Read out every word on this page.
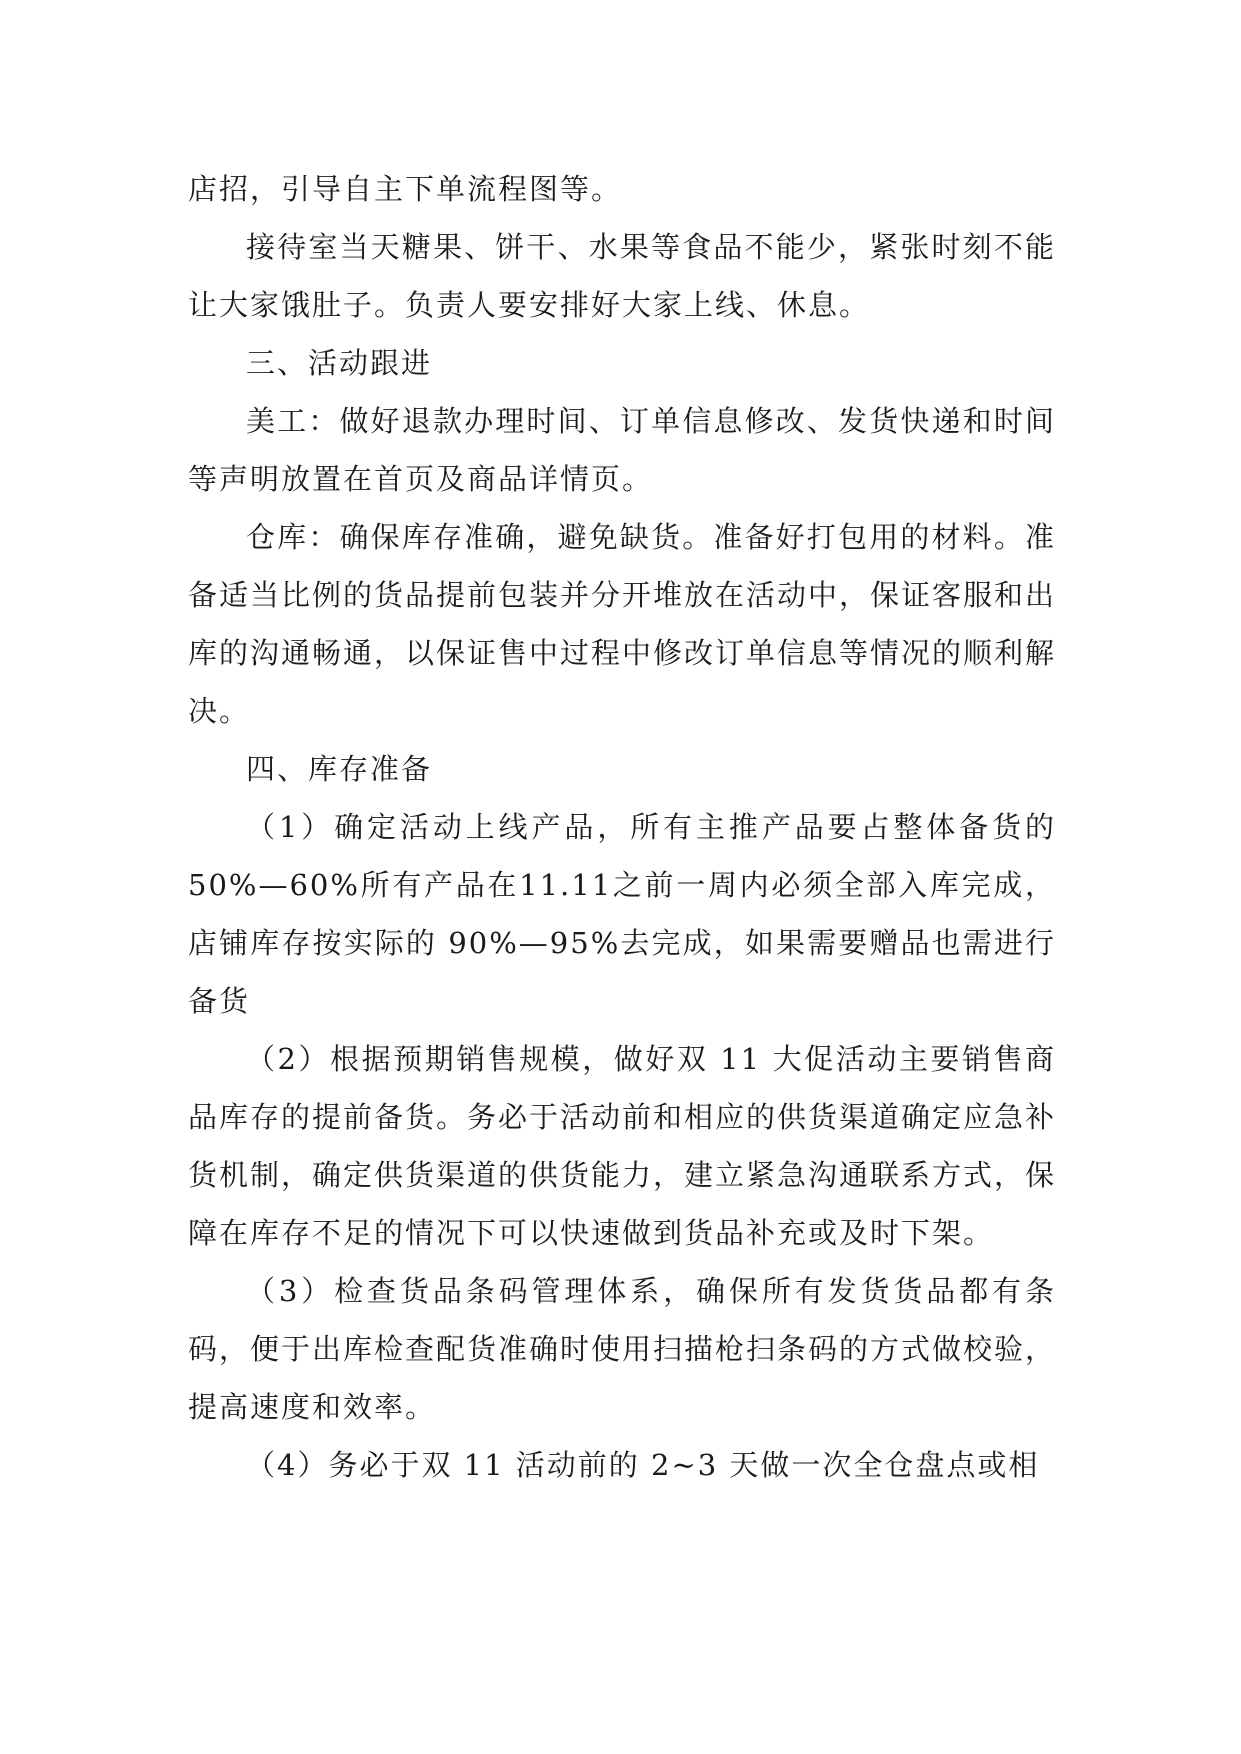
店招，引导自主下单流程图等。

接待室当天糖果、饼干、水果等食品不能少，紧张时刻不能让大家饿肚子。负责人要安排好大家上线、休息。

三、活动跟进

美工：做好退款办理时间、订单信息修改、发货快递和时间等声明放置在首页及商品详情页。

仓库：确保库存准确，避免缺货。准备好打包用的材料。准备适当比例的货品提前包装并分开堆放在活动中，保证客服和出库的沟通畅通，以保证售中过程中修改订单信息等情况的顺利解决。

四、库存准备

（1）确定活动上线产品，所有主推产品要占整体备货的50%—60%所有产品在11.11之前一周内必须全部入库完成，店铺库存按实际的 90%—95%去完成，如果需要赠品也需进行备货

（2）根据预期销售规模，做好双 11 大促活动主要销售商品库存的提前备货。务必于活动前和相应的供货渠道确定应急补货机制，确定供货渠道的供货能力，建立紧急沟通联系方式，保障在库存不足的情况下可以快速做到货品补充或及时下架。

（3）检查货品条码管理体系，确保所有发货货品都有条码，便于出库检查配货准确时使用扫描枪扫条码的方式做校验，提高速度和效率。

（4）务必于双 11 活动前的 2~3 天做一次全仓盘点或相
